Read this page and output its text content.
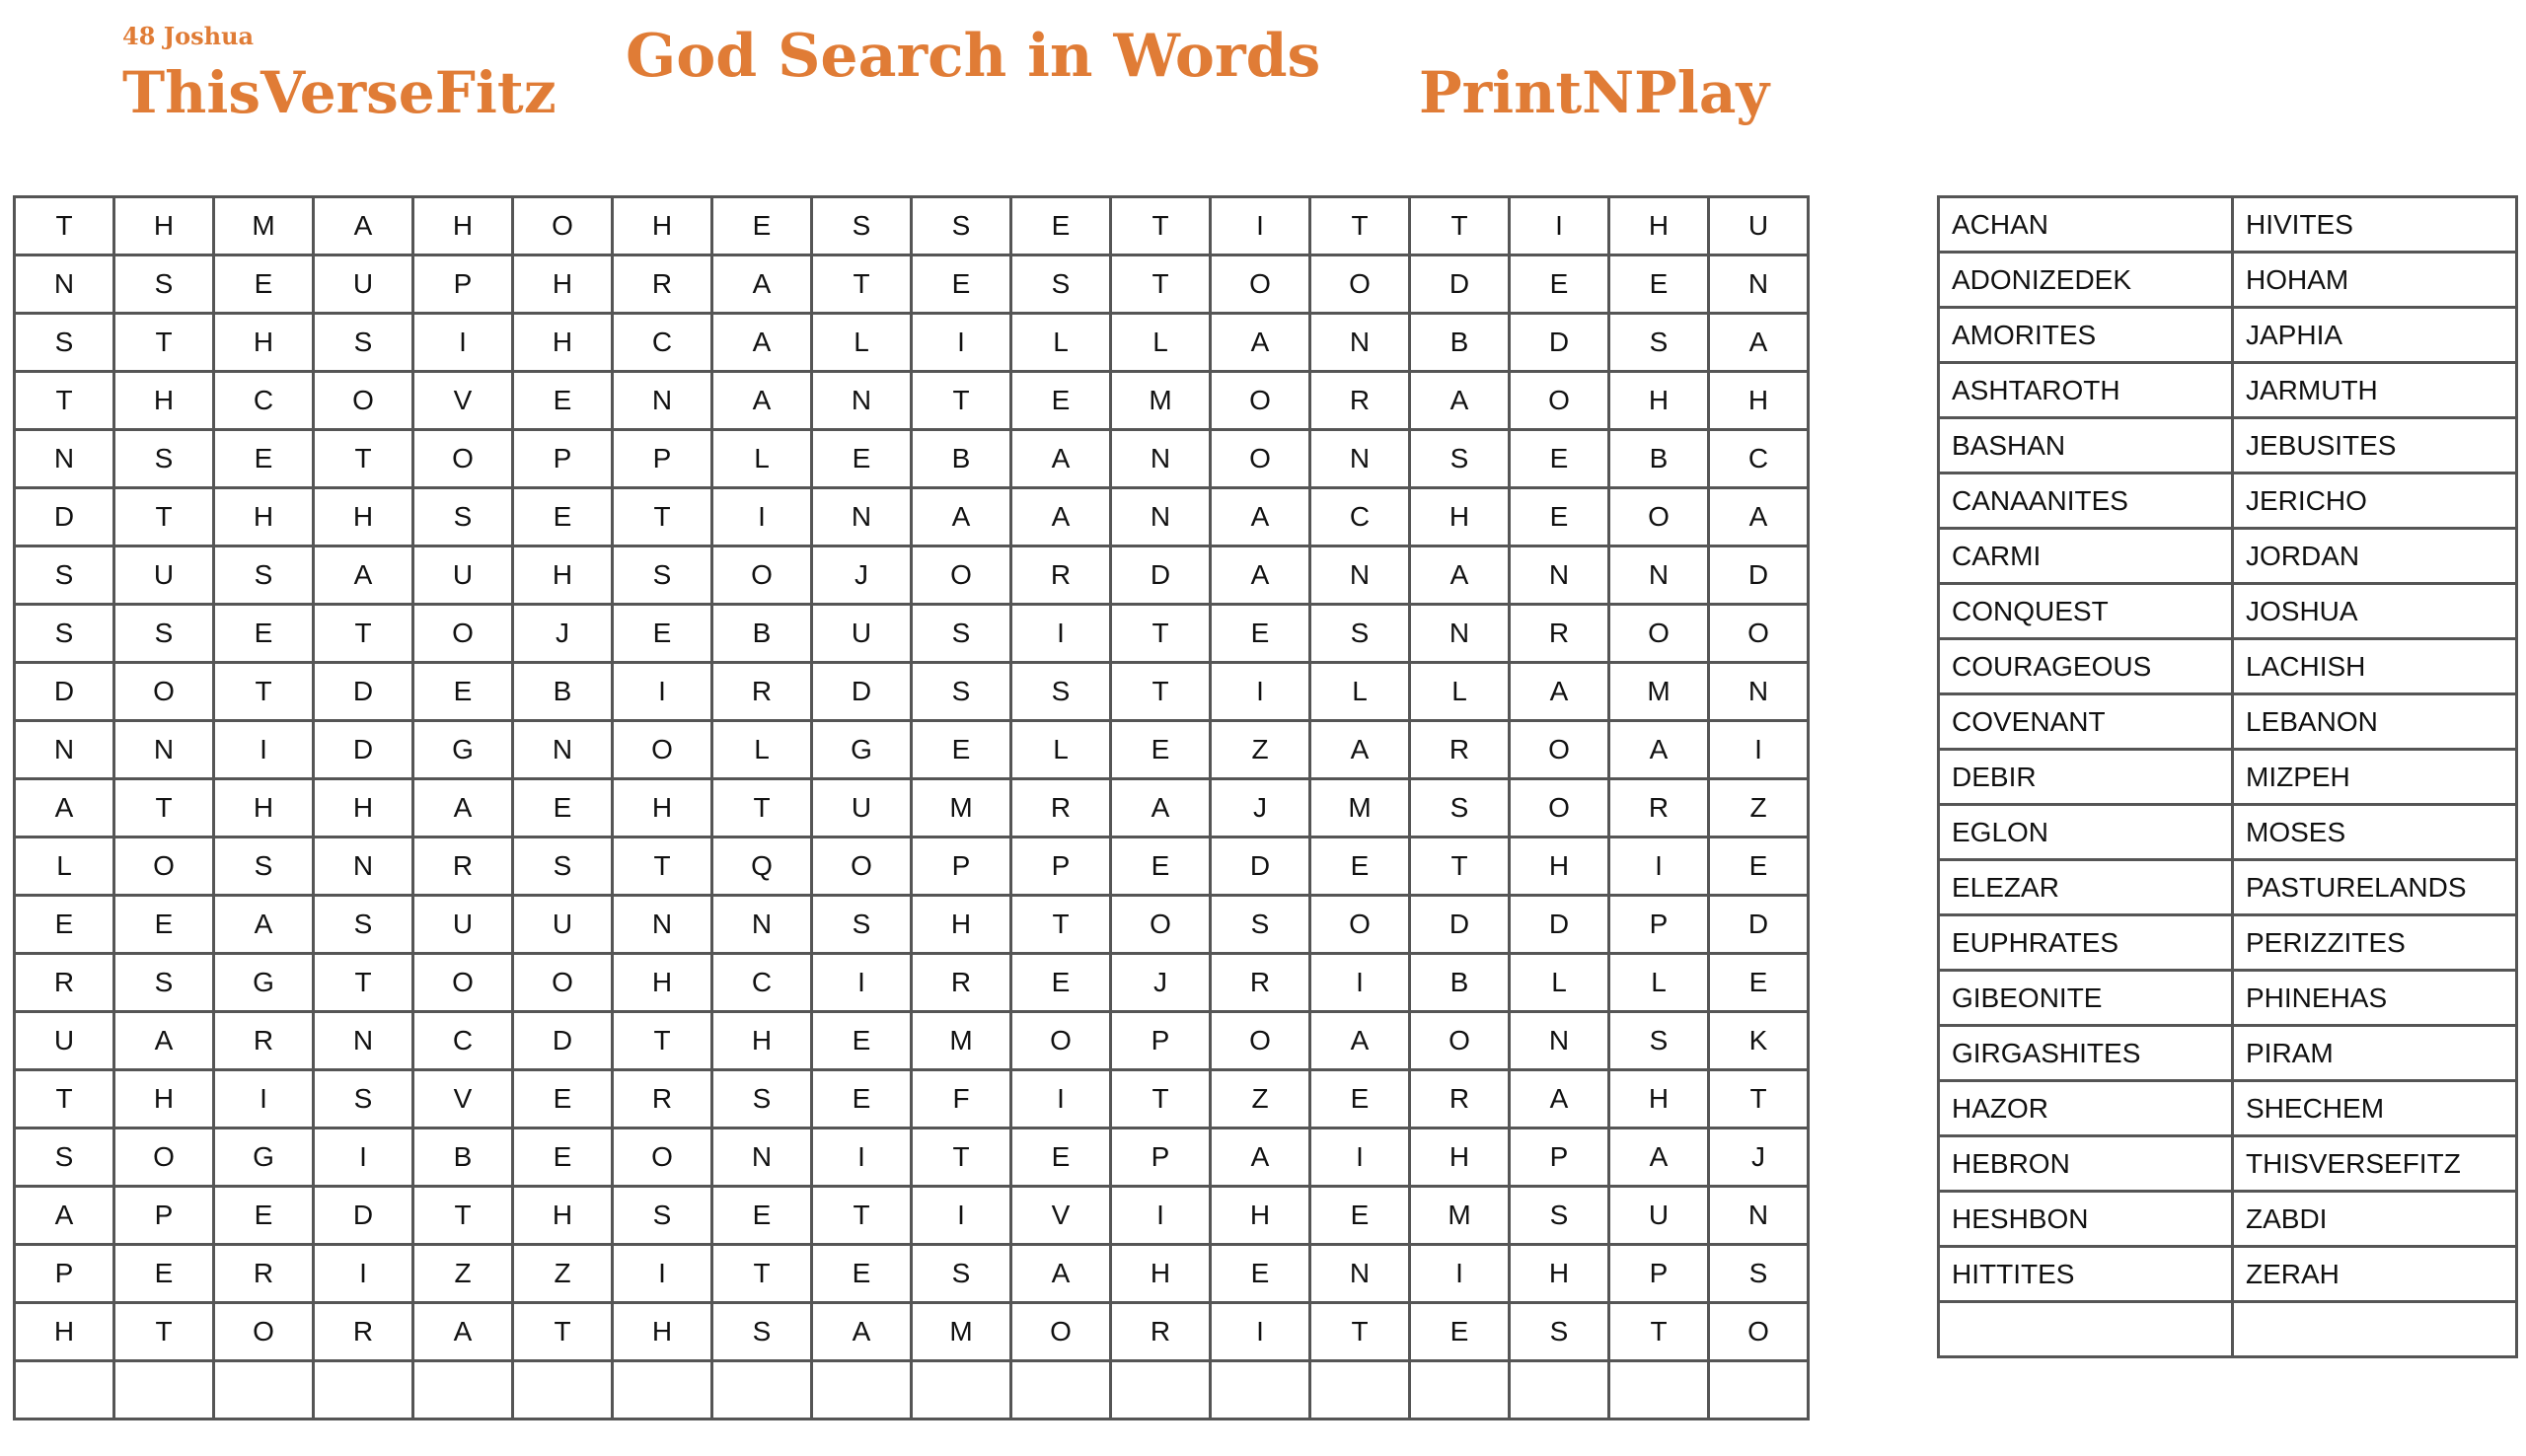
48 Joshua
ThisVerseFitz
God Search in Words
PrintNPlay
T	H	M	A	H	O	H	E	S	S	E	T	I	T	T	I	H	U
N	S	E	U	P	H	R	A	T	E	S	T	O	O	D	E	E	N
S	T	H	S	I	H	C	A	L	I	L	L	A	N	B	D	S	A
T	H	C	O	V	E	N	A	N	T	E	M	O	R	A	O	H	H
N	S	E	T	O	P	P	L	E	B	A	N	O	N	S	E	B	C
D	T	H	H	S	E	T	I	N	A	A	N	A	C	H	E	O	A
S	U	S	A	U	H	S	O	J	O	R	D	A	N	A	N	N	D
S	S	E	T	O	J	E	B	U	S	I	T	E	S	N	R	O	O
D	O	T	D	E	B	I	R	D	S	S	T	I	L	L	A	M	N
N	N	I	D	G	N	O	L	G	E	L	E	Z	A	R	O	A	I
A	T	H	H	A	E	H	T	U	M	R	A	J	M	S	O	R	Z
L	O	S	N	R	S	T	Q	O	P	P	E	D	E	T	H	I	E
E	E	A	S	U	U	N	N	S	H	T	O	S	O	D	D	P	D
R	S	G	T	O	O	H	C	I	R	E	J	R	I	B	L	L	E
U	A	R	N	C	D	T	H	E	M	O	P	O	A	O	N	S	K
T	H	I	S	V	E	R	S	E	F	I	T	Z	E	R	A	H	T
S	O	G	I	B	E	O	N	I	T	E	P	A	I	H	P	A	J
A	P	E	D	T	H	S	E	T	I	V	I	H	E	M	S	U	N
P	E	R	I	Z	Z	I	T	E	S	A	H	E	N	I	H	P	S
H	T	O	R	A	T	H	S	A	M	O	R	I	T	E	S	T	O

ACHAN	HIVITES
ADONIZEDEK	HOHAM
AMORITES	JAPHIA
ASHTAROTH	JARMUTH
BASHAN	JEBUSITES
CANAANITES	JERICHO
CARMI	JORDAN
CONQUEST	JOSHUA
COURAGEOUS	LACHISH
COVENANT	LEBANON
DEBIR	MIZPEH
EGLON	MOSES
ELEZAR	PASTURELANDS
EUPHRATES	PERIZZITES
GIBEONITE	PHINEHAS
GIRGASHITES	PIRAM
HAZOR	SHECHEM
HEBRON	THISVERSEFITZ
HESHBON	ZABDI
HITTITES	ZERAH
